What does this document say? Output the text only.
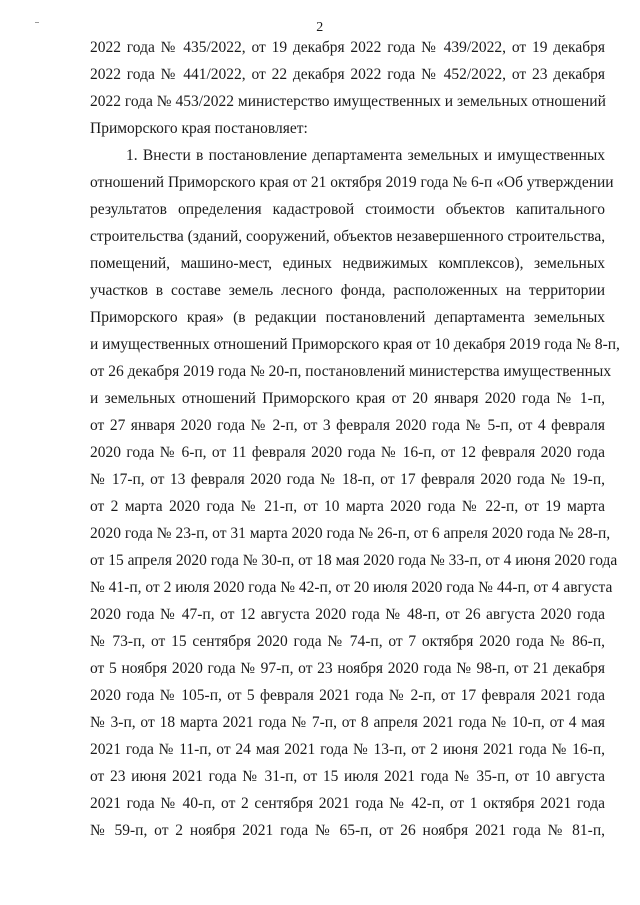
2
2022 года № 435/2022, от 19 декабря 2022 года № 439/2022, от 19 декабря
2022 года № 441/2022, от 22 декабря 2022 года № 452/2022, от 23 декабря
2022 года № 453/2022 министерство имущественных и земельных отношений
Приморского края постановляет:
1. Внести в постановление департамента земельных и имущественных
отношений Приморского края от 21 октября 2019 года № 6-п «Об утверждении
результатов определения кадастровой стоимости объектов капитального
строительства (зданий, сооружений, объектов незавершенного строительства,
помещений, машино-мест, единых недвижимых комплексов), земельных
участков в составе земель лесного фонда, расположенных на территории
Приморского края» (в редакции постановлений департамента земельных
и имущественных отношений Приморского края от 10 декабря 2019 года № 8-п,
от 26 декабря 2019 года № 20-п, постановлений министерства имущественных
и земельных отношений Приморского края от 20 января 2020 года № 1-п,
от 27 января 2020 года № 2-п, от 3 февраля 2020 года № 5-п, от 4 февраля
2020 года № 6-п, от 11 февраля 2020 года № 16-п, от 12 февраля 2020 года
№ 17-п, от 13 февраля 2020 года № 18-п, от 17 февраля 2020 года № 19-п,
от 2 марта 2020 года № 21-п, от 10 марта 2020 года № 22-п, от 19 марта
2020 года № 23-п, от 31 марта 2020 года № 26-п, от 6 апреля 2020 года № 28-п,
от 15 апреля 2020 года № 30-п, от 18 мая 2020 года № 33-п, от 4 июня 2020 года
№ 41-п, от 2 июля 2020 года № 42-п, от 20 июля 2020 года № 44-п, от 4 августа
2020 года № 47-п, от 12 августа 2020 года № 48-п, от 26 августа 2020 года
№ 73-п, от 15 сентября 2020 года № 74-п, от 7 октября 2020 года № 86-п,
от 5 ноября 2020 года № 97-п, от 23 ноября 2020 года № 98-п, от 21 декабря
2020 года № 105-п, от 5 февраля 2021 года № 2-п, от 17 февраля 2021 года
№ 3-п, от 18 марта 2021 года № 7-п, от 8 апреля 2021 года № 10-п, от 4 мая
2021 года № 11-п, от 24 мая 2021 года № 13-п, от 2 июня 2021 года № 16-п,
от 23 июня 2021 года № 31-п, от 15 июля 2021 года № 35-п, от 10 августа
2021 года № 40-п, от 2 сентября 2021 года № 42-п, от 1 октября 2021 года
№ 59-п, от 2 ноября 2021 года № 65-п, от 26 ноября 2021 года № 81-п,
